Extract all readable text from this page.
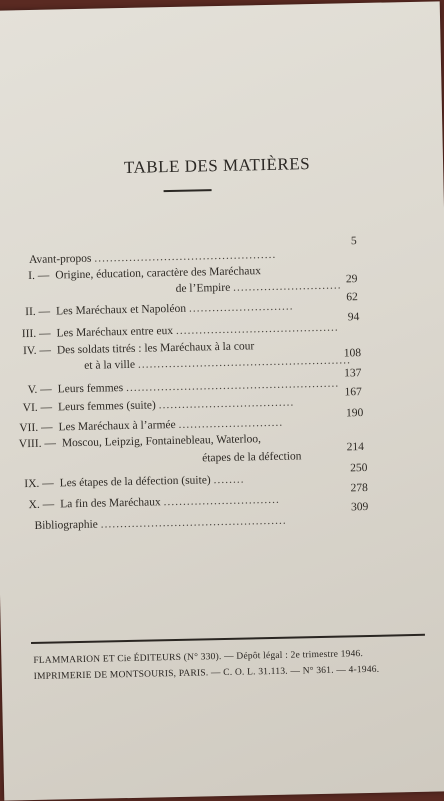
TABLE DES MATIÈRES
Avant-propos ...............................................
5
I. — Origine, éducation, caractère des Maréchaux
de l’Empire ............................
29
II. — Les Maréchaux et Napoléon ...........................
62
III. — Les Maréchaux entre eux ..........................................
94
IV. — Des soldats titrés : les Maréchaux à la cour
et à la ville .......................................................
108
V. — Leurs femmes .......................................................
137
VI. — Leurs femmes (suite) ...................................
167
VII. — Les Maréchaux à l’armée ...........................
190
VIII. — Moscou, Leipzig, Fontainebleau, Waterloo,
étapes de la défection
214
IX. — Les étapes de la défection (suite) ........
250
X. — La fin des Maréchaux ..............................
278
Bibliographie ................................................
309
FLAMMARION ET Cie ÉDITEURS (N° 330). — Dépôt légal : 2e trimestre 1946.
IMPRIMERIE DE MONTSOURIS, PARIS. — C. O. L. 31.113. — N° 361. — 4-1946.
